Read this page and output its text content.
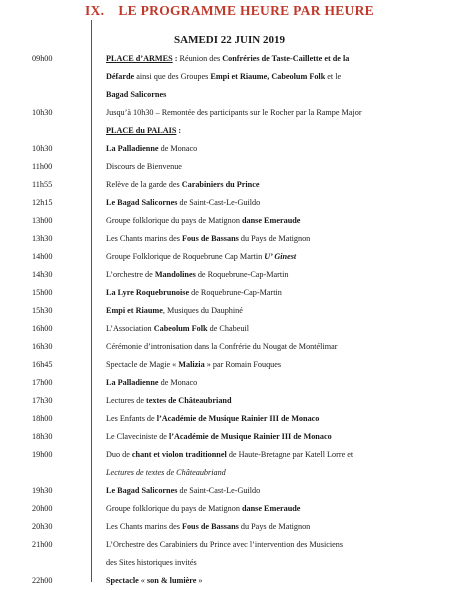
IX. LE PROGRAMME HEURE PAR HEURE
SAMEDI 22 JUIN 2019
09h00	PLACE d’ARMES : Réunion des Confréries de Taste-Caillette et de la
Défarde ainsi que des Groupes Empi et Riaume, Cabeolum Folk et le
Bagad Salicornes
10h30	Jusqu’à 10h30 – Remontée des participants sur le Rocher par la Rampe Major
PLACE du PALAIS :
10h30	La Palladienne de Monaco
11h00	Discours de Bienvenue
11h55	Relève de la garde des Carabiniers du Prince
12h15	Le Bagad Salicornes de Saint-Cast-Le-Guildo
13h00	Groupe folklorique du pays de Matignon danse Emeraude
13h30	Les Chants marins des Fous de Bassans du Pays de Matignon
14h00	Groupe Folklorique de Roquebrune Cap Martin U’ Ginest
14h30	L’orchestre de Mandolines de Roquebrune-Cap-Martin
15h00	La Lyre Roquebrunoise de Roquebrune-Cap-Martin
15h30	Empi et Riaume, Musiques du Dauphiné
16h00	L’Association Cabeolum Folk de Chabeuil
16h30	Cérémonie d’intronisation dans la Confrérie du Nougat de Montélimar
16h45	Spectacle de Magie « Malizia » par Romain Fouques
17h00	La Palladienne de Monaco
17h30	Lectures de textes de Châteaubriand
18h00	Les Enfants de l’Académie de Musique Rainier III de Monaco
18h30	Le Claveciniste de l’Académie de Musique Rainier III de Monaco
19h00	Duo de chant et violon traditionnel de Haute-Bretagne par Katell Lorre et
Lectures de textes de Châteaubriand
19h30	Le Bagad Salicornes de Saint-Cast-Le-Guildo
20h00	Groupe folklorique du pays de Matignon danse Emeraude
20h30	Les Chants marins des Fous de Bassans du Pays de Matignon
21h00	L’Orchestre des Carabiniers du Prince avec l’intervention des Musiciens
des Sites historiques invités
22h00	Spectacle « son & lumière »
